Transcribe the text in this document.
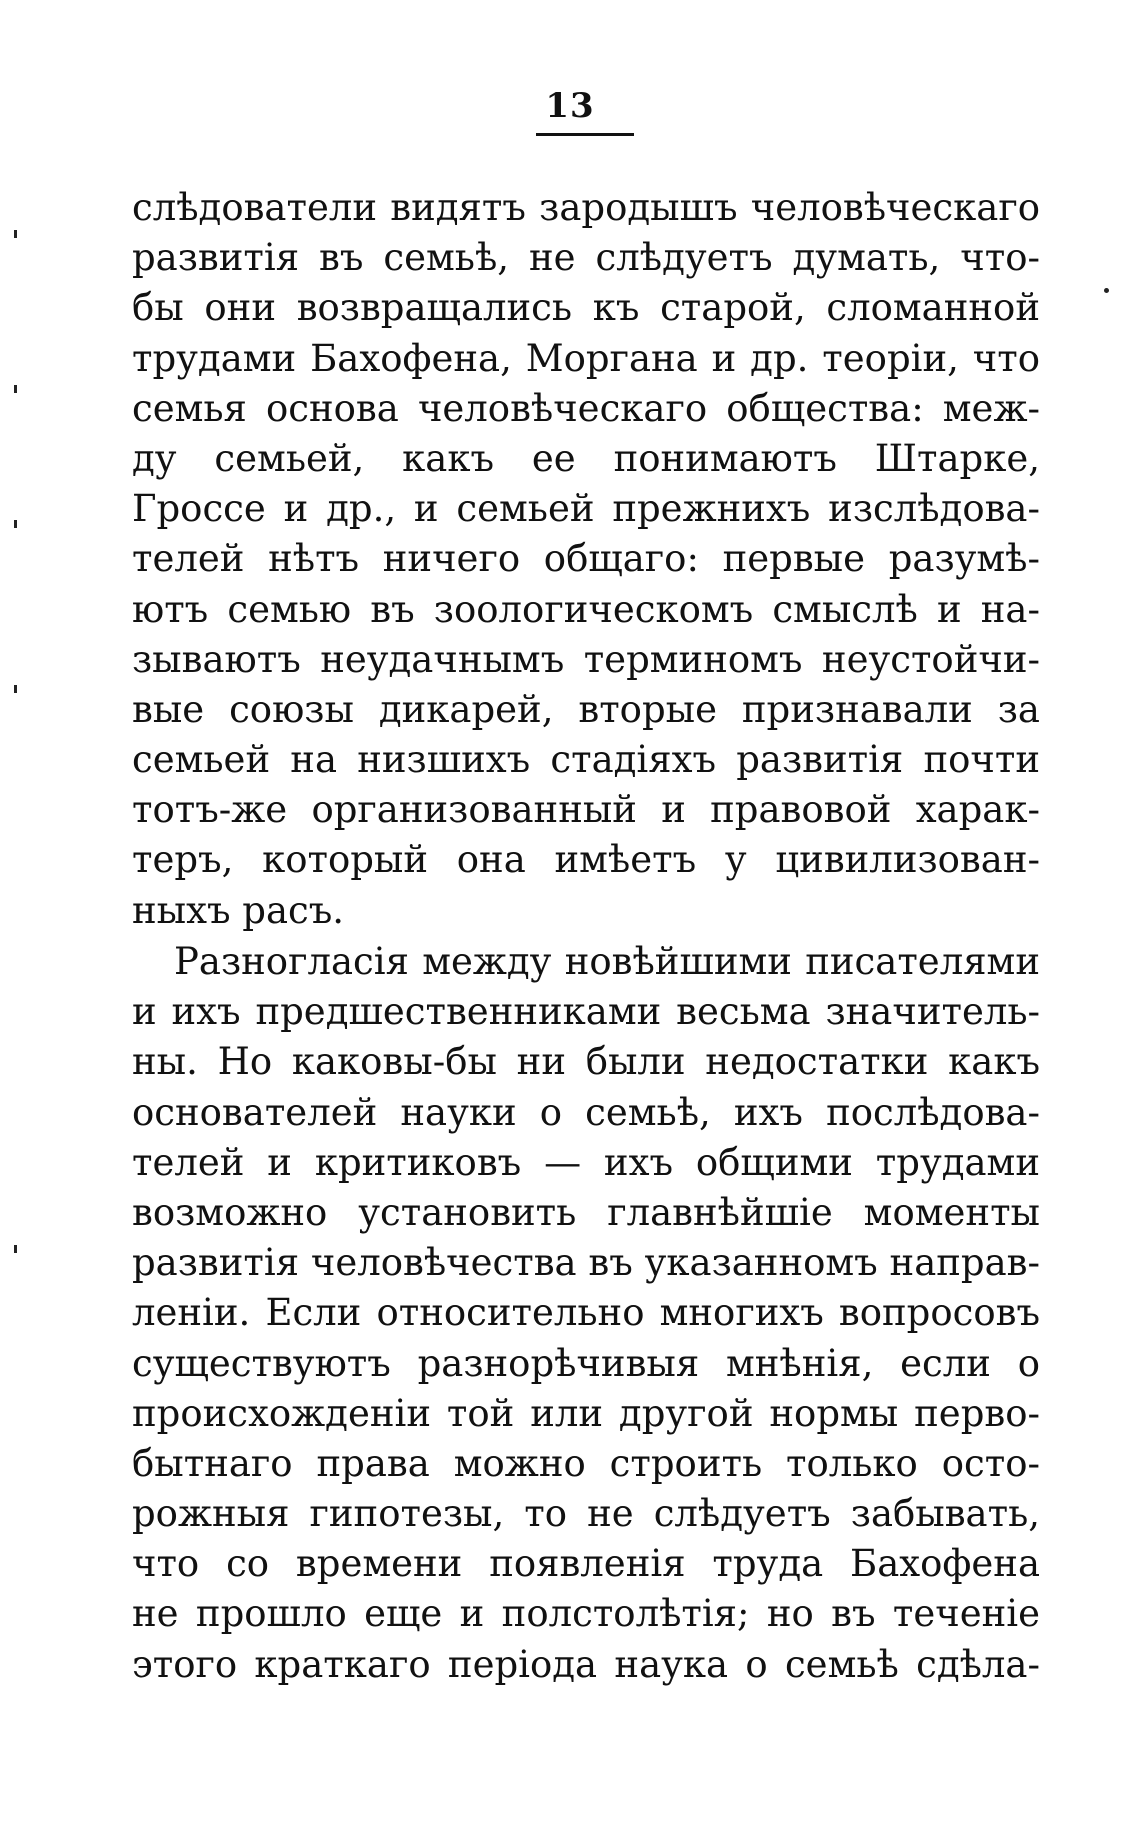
13
слѣдователи видятъ зародышъ человѣческаго
развитія въ семьѣ, не слѣдуетъ думать, что-
бы они возвращались къ старой, сломанной
трудами Бахофена, Моргана и др. теоріи, что
семья основа человѣческаго общества: меж-
ду семьей, какъ ее понимаютъ Штарке,
Гроссе и др., и семьей прежнихъ изслѣдова-
телей нѣтъ ничего общаго: первые разумѣ-
ютъ семью въ зоологическомъ смыслѣ и на-
зываютъ неудачнымъ терминомъ неустойчи-
вые союзы дикарей, вторые признавали за
семьей на низшихъ стадіяхъ развитія почти
тотъ-же организованный и правовой харак-
теръ, который она имѣетъ у цивилизован-
ныхъ расъ.
Разногласія между новѣйшими писателями
и ихъ предшественниками весьма значитель-
ны. Но каковы-бы ни были недостатки какъ
основателей науки о семьѣ, ихъ послѣдова-
телей и критиковъ — ихъ общими трудами
возможно установить главнѣйшіе моменты
развитія человѣчества въ указанномъ направ-
леніи. Если относительно многихъ вопросовъ
существуютъ разнорѣчивыя мнѣнія, если о
происхожденіи той или другой нормы перво-
бытнаго права можно строить только осто-
рожныя гипотезы, то не слѣдуетъ забывать,
что со времени появленія труда Бахофена
не прошло еще и полстолѣтія; но въ теченіе
этого краткаго періода наука о семьѣ сдѣла-
